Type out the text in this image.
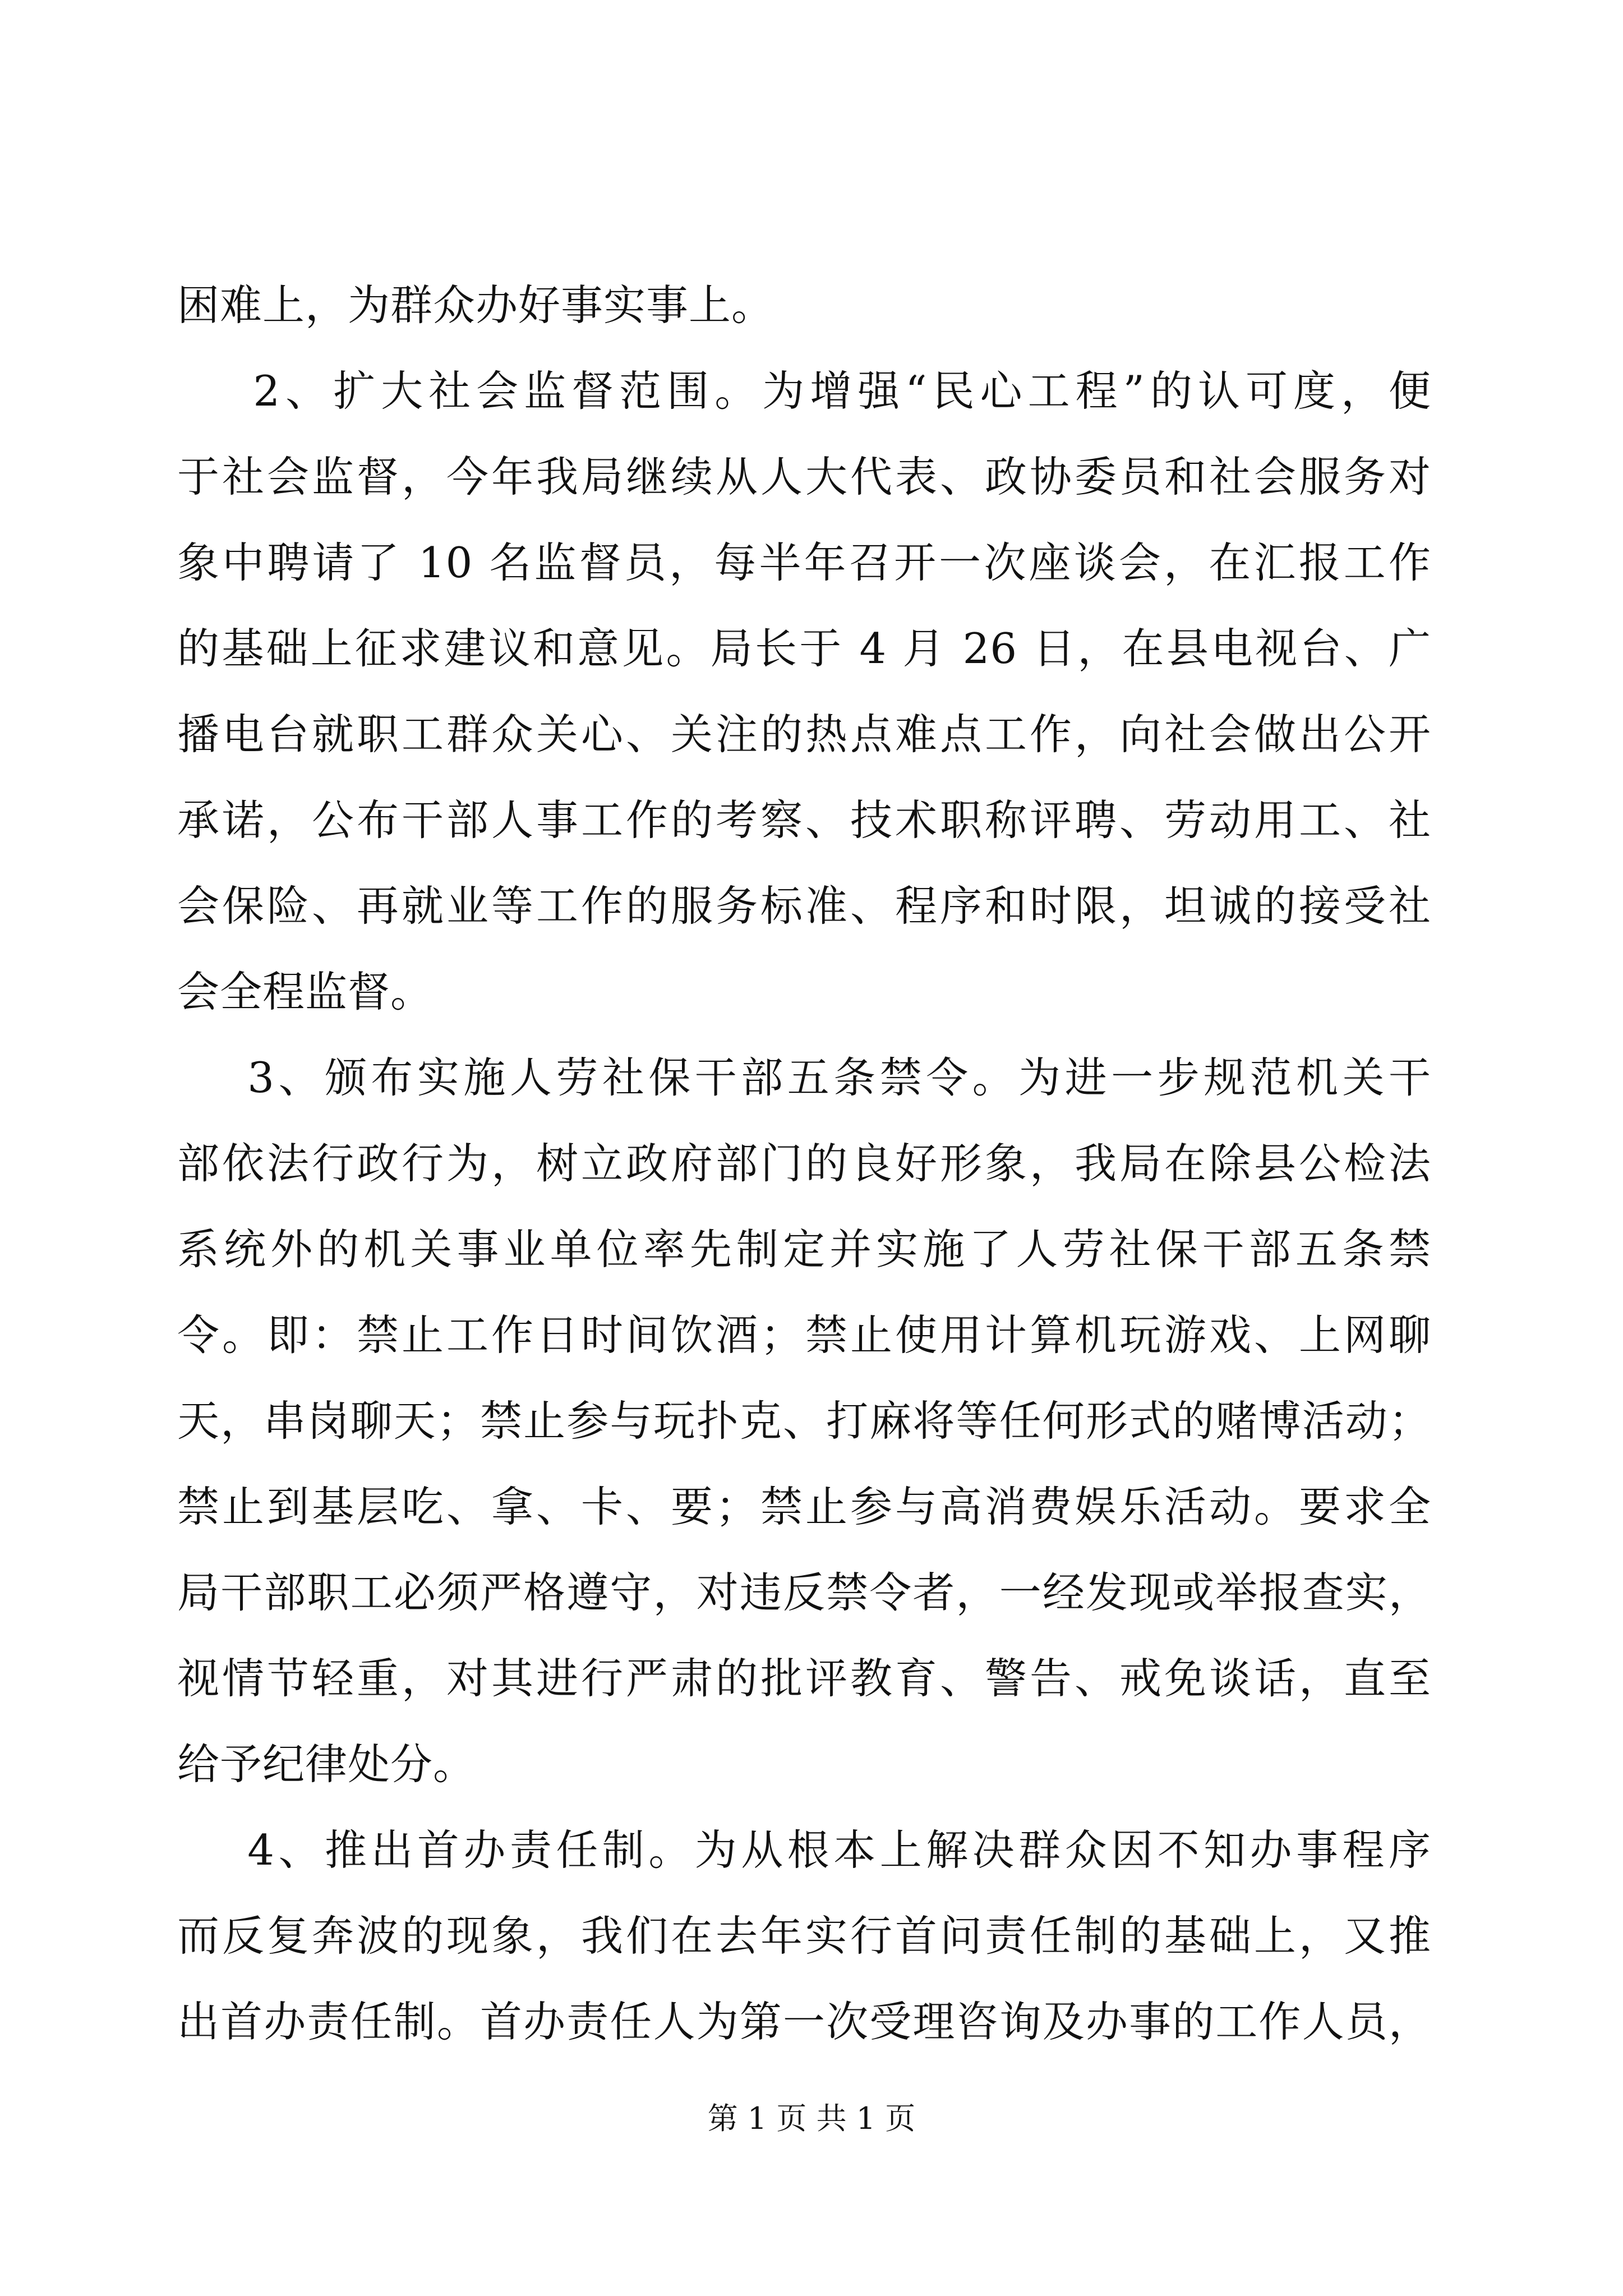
困难上，为群众办好事实事上。
2、扩大社会监督范围。为增强“民心工程”的认可度，便
于社会监督，今年我局继续从人大代表、政协委员和社会服务对
象中聘请了 10 名监督员，每半年召开一次座谈会，在汇报工作
的基础上征求建议和意见。局长于 4 月 26 日，在县电视台、广
播电台就职工群众关心、关注的热点难点工作，向社会做出公开
承诺，公布干部人事工作的考察、技术职称评聘、劳动用工、社
会保险、再就业等工作的服务标准、程序和时限，坦诚的接受社
会全程监督。
3、颁布实施人劳社保干部五条禁令。为进一步规范机关干
部依法行政行为，树立政府部门的良好形象，我局在除县公检法
系统外的机关事业单位率先制定并实施了人劳社保干部五条禁
令。即：禁止工作日时间饮酒；禁止使用计算机玩游戏、上网聊
天，串岗聊天；禁止参与玩扑克、打麻将等任何形式的赌博活动；
禁止到基层吃、拿、卡、要；禁止参与高消费娱乐活动。要求全
局干部职工必须严格遵守，对违反禁令者，一经发现或举报查实，
视情节轻重，对其进行严肃的批评教育、警告、戒免谈话，直至
给予纪律处分。
4、推出首办责任制。为从根本上解决群众因不知办事程序
而反复奔波的现象，我们在去年实行首问责任制的基础上，又推
出首办责任制。首办责任人为第一次受理咨询及办事的工作人员，
第 1 页 共 1 页
